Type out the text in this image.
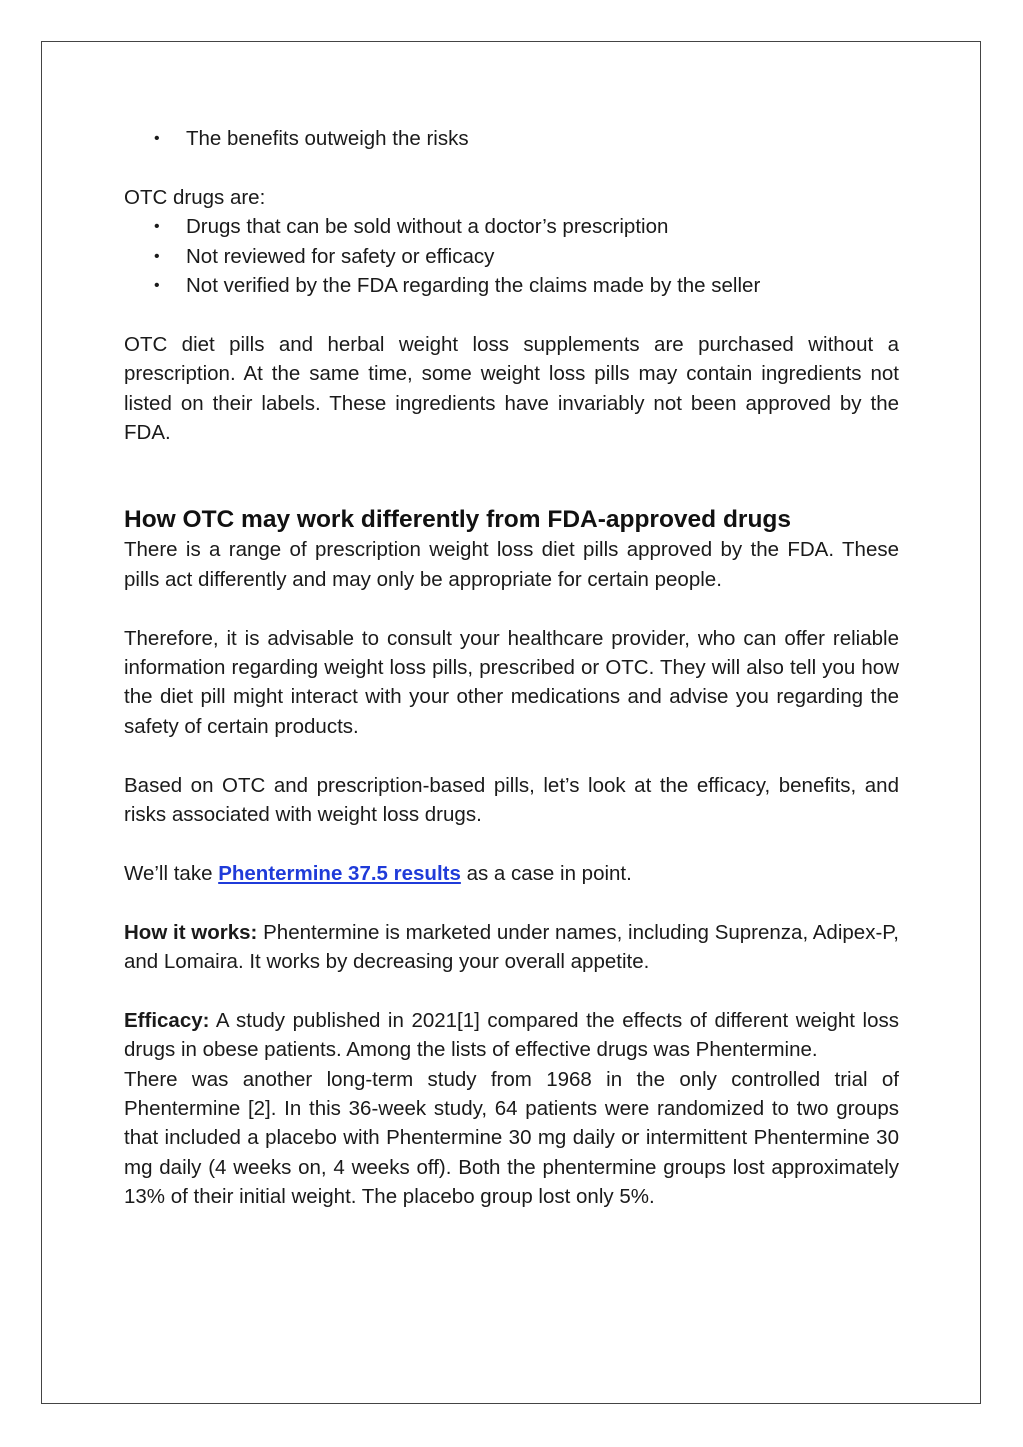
• The benefits outweigh the risks

OTC drugs are:

• Drugs that can be sold without a doctor’s prescription
• Not reviewed for safety or efficacy
• Not verified by the FDA regarding the claims made by the seller

OTC diet pills and herbal weight loss supplements are purchased without a prescription. At the same time, some weight loss pills may contain ingredients not listed on their labels. These ingredients have invariably not been approved by the FDA.

How OTC may work differently from FDA-approved drugs

There is a range of prescription weight loss diet pills approved by the FDA. These pills act differently and may only be appropriate for certain people.

Therefore, it is advisable to consult your healthcare provider, who can offer reliable information regarding weight loss pills, prescribed or OTC. They will also tell you how the diet pill might interact with your other medications and advise you regarding the safety of certain products.

Based on OTC and prescription-based pills, let’s look at the efficacy, benefits, and risks associated with weight loss drugs.

We’ll take Phentermine 37.5 results as a case in point.

How it works: Phentermine is marketed under names, including Suprenza, Adipex-P, and Lomaira. It works by decreasing your overall appetite.

Efficacy: A study published in 2021[1] compared the effects of different weight loss drugs in obese patients. Among the lists of effective drugs was Phentermine.

There was another long-term study from 1968 in the only controlled trial of Phentermine [2]. In this 36-week study, 64 patients were randomized to two groups that included a placebo with Phentermine 30 mg daily or intermittent Phentermine 30 mg daily (4 weeks on, 4 weeks off). Both the phentermine groups lost approximately 13% of their initial weight. The placebo group lost only 5%.
